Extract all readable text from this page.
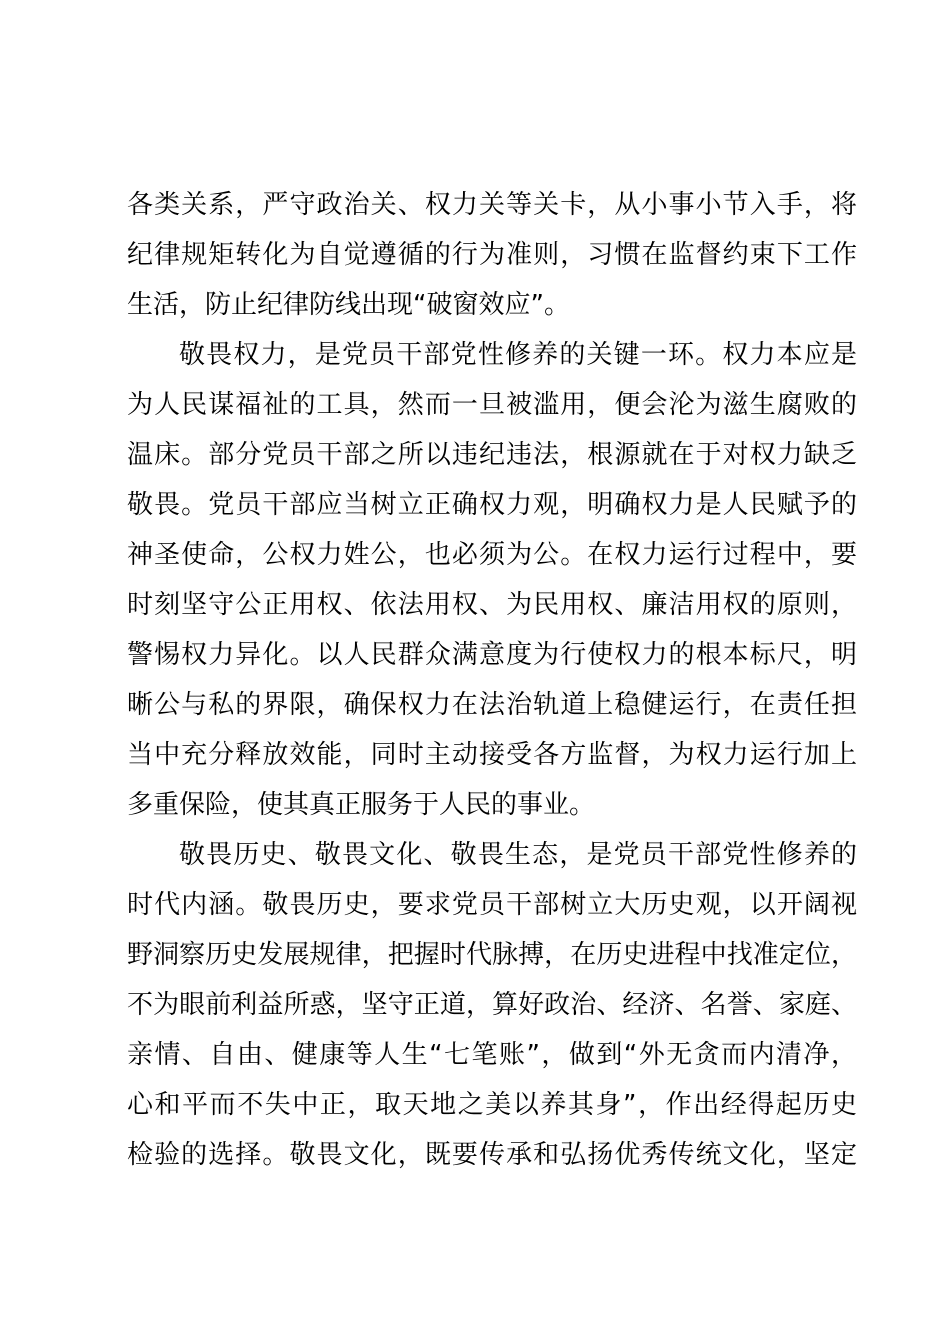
各类关系，严守政治关、权力关等关卡，从小事小节入手，将

纪律规矩转化为自觉遵循的行为准则，习惯在监督约束下工作

生活，防止纪律防线出现“破窗效应”。

敬畏权力，是党员干部党性修养的关键一环。权力本应是

为人民谋福祉的工具，然而一旦被滥用，便会沦为滋生腐败的

温床。部分党员干部之所以违纪违法，根源就在于对权力缺乏

敬畏。党员干部应当树立正确权力观，明确权力是人民赋予的

神圣使命，公权力姓公，也必须为公。在权力运行过程中，要

时刻坚守公正用权、依法用权、为民用权、廉洁用权的原则，

警惕权力异化。以人民群众满意度为行使权力的根本标尺，明

晰公与私的界限，确保权力在法治轨道上稳健运行，在责任担

当中充分释放效能，同时主动接受各方监督，为权力运行加上

多重保险，使其真正服务于人民的事业。

敬畏历史、敬畏文化、敬畏生态，是党员干部党性修养的

时代内涵。敬畏历史，要求党员干部树立大历史观，以开阔视

野洞察历史发展规律，把握时代脉搏，在历史进程中找准定位，

不为眼前利益所惑，坚守正道，算好政治、经济、名誉、家庭、

亲情、自由、健康等人生“七笔账”，做到“外无贪而内清净，

心和平而不失中正，取天地之美以养其身”，作出经得起历史

检验的选择。敬畏文化，既要传承和弘扬优秀传统文化，坚定
